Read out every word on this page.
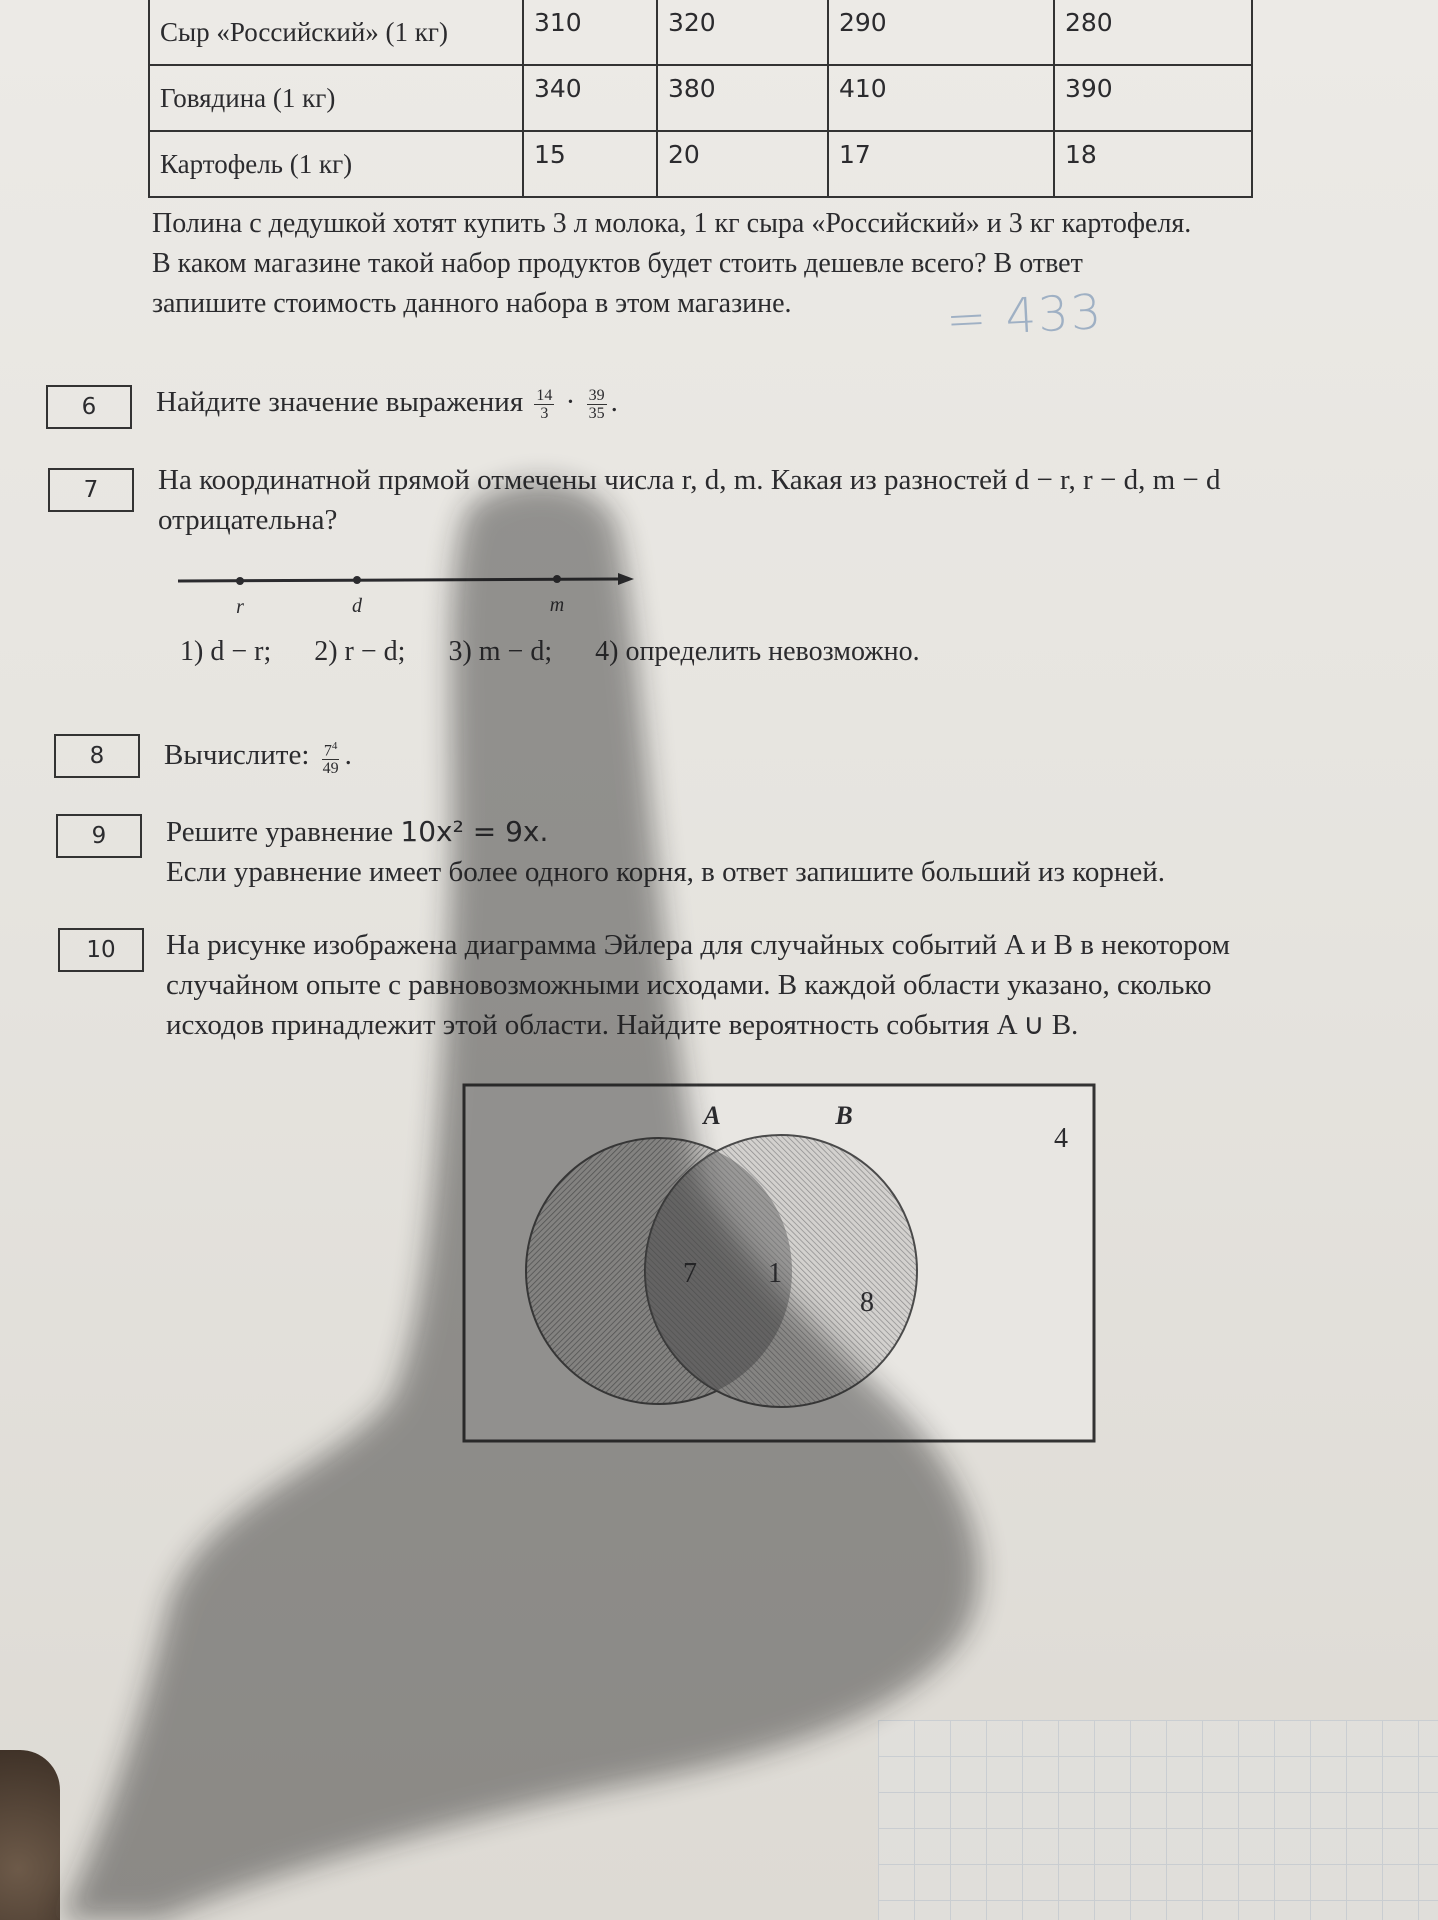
Сыр «Российский» (1 кг)	310	320	290	280
Говядина (1 кг)	340	380	410	390
Картофель (1 кг)	15	20	17	18
Полина с дедушкой хотят купить 3 л молока, 1 кг сыра «Российский» и 3 кг картофеля.
В каком магазине такой набор продуктов будет стоить дешевле всего? В ответ
запишите стоимость данного набора в этом магазине.	= 433
6	Найдите значение выражения $\frac{14}{3} \cdot \frac{39}{35}$ .
7	На координатной прямой отмечены числа r, d, m. Какая из разностей d − r, r − d, m − d
отрицательна?
r	d	m
1) d − r; 2) r − d; 3) m − d; 4) определить невозможно.
8	Вычислите: $\frac{7^4}{49}$ .
9	Решите уравнение 10x² = 9x.
Если уравнение имеет более одного корня, в ответ запишите больший из корней.
10	На рисунке изображена диаграмма Эйлера для случайных событий A и B в некотором
случайном опыте с равновозможными исходами. В каждой области указано, сколько
исходов принадлежит этой области. Найдите вероятность события A ∪ B.
A	B
4
7	1
8
